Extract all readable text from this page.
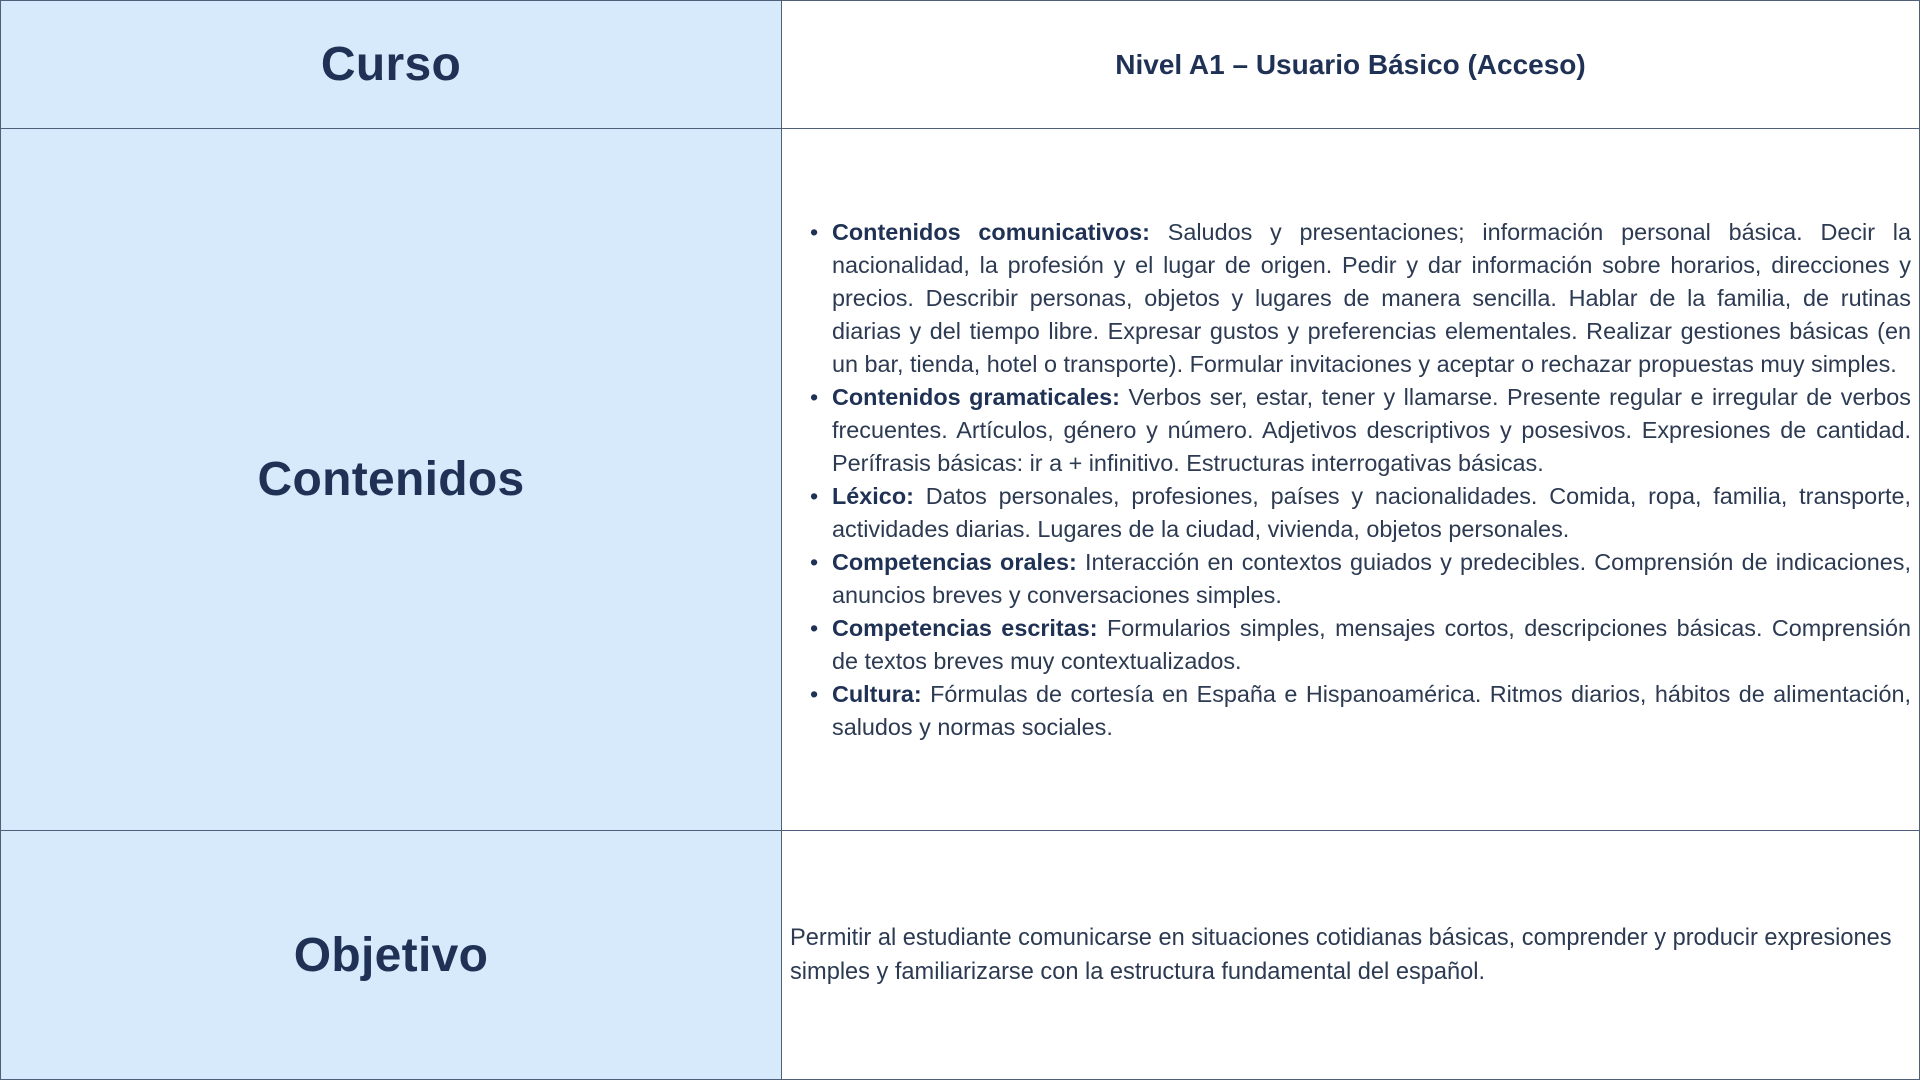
Curso	Nivel A1 – Usuario Básico (Acceso)
Contenidos
• Contenidos comunicativos: Saludos y presentaciones; información personal básica. Decir la nacionalidad, la profesión y el lugar de origen. Pedir y dar información sobre horarios, direcciones y precios. Describir personas, objetos y lugares de manera sencilla. Hablar de la familia, de rutinas diarias y del tiempo libre. Expresar gustos y preferencias elementales. Realizar gestiones básicas (en un bar, tienda, hotel o transporte). Formular invitaciones y aceptar o rechazar propuestas muy simples.
• Contenidos gramaticales: Verbos ser, estar, tener y llamarse. Presente regular e irregular de verbos frecuentes. Artículos, género y número. Adjetivos descriptivos y posesivos. Expresiones de cantidad. Perífrasis básicas: ir a + infinitivo. Estructuras interrogativas básicas.
• Léxico: Datos personales, profesiones, países y nacionalidades. Comida, ropa, familia, transporte, actividades diarias. Lugares de la ciudad, vivienda, objetos personales.
• Competencias orales: Interacción en contextos guiados y predecibles. Comprensión de indicaciones, anuncios breves y conversaciones simples.
• Competencias escritas: Formularios simples, mensajes cortos, descripciones básicas. Comprensión de textos breves muy contextualizados.
• Cultura: Fórmulas de cortesía en España e Hispanoamérica. Ritmos diarios, hábitos de alimentación, saludos y normas sociales.
Objetivo	Permitir al estudiante comunicarse en situaciones cotidianas básicas, comprender y producir expresiones simples y familiarizarse con la estructura fundamental del español.
